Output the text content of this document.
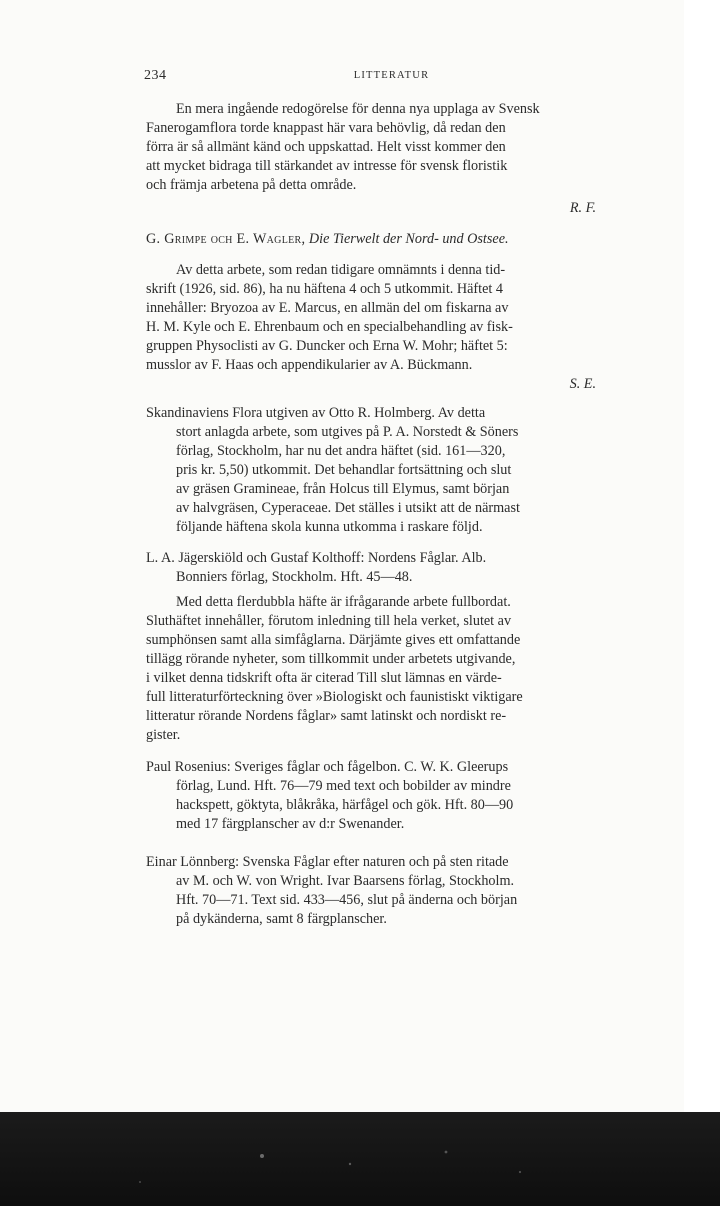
234	LITTERATUR
En mera ingående redogörelse för denna nya upplaga av Svensk
Fanerogamflora torde knappast här vara behövlig, då redan den
förra är så allmänt känd och uppskattad. Helt visst kommer den
att mycket bidraga till stärkandet av intresse för svensk floristik
och främja arbetena på detta område.
R. F.
G. Grimpe och E. Wagler, Die Tierwelt der Nord- und Ostsee.
Av detta arbete, som redan tidigare omnämnts i denna tid-
skrift (1926, sid. 86), ha nu häftena 4 och 5 utkommit. Häftet 4
innehåller: Bryozoa av E. Marcus, en allmän del om fiskarna av
H. M. Kyle och E. Ehrenbaum och en specialbehandling av fisk-
gruppen Physoclisti av G. Duncker och Erna W. Mohr; häftet 5:
musslor av F. Haas och appendikularier av A. Bückmann.
S. E.
Skandinaviens Flora utgiven av Otto R. Holmberg. Av detta
stort anlagda arbete, som utgives på P. A. Norstedt & Söners
förlag, Stockholm, har nu det andra häftet (sid. 161—320,
pris kr. 5,50) utkommit. Det behandlar fortsättning och slut
av gräsen Gramineae, från Holcus till Elymus, samt början
av halvgräsen, Cyperaceae. Det ställes i utsikt att de närmast
följande häftena skola kunna utkomma i raskare följd.
L. A. Jägerskiöld och Gustaf Kolthoff: Nordens Fåglar. Alb.
Bonniers förlag, Stockholm. Hft. 45—48.
Med detta flerdubbla häfte är ifrågarande arbete fullbordat.
Sluthäftet innehåller, förutom inledning till hela verket, slutet av
sumphönsen samt alla simfåglarna. Därjämte gives ett omfattande
tillägg rörande nyheter, som tillkommit under arbetets utgivande,
i vilket denna tidskrift ofta är citerad Till slut lämnas en värde-
full litteraturförteckning över »Biologiskt och faunistiskt viktigare
litteratur rörande Nordens fåglar» samt latinskt och nordiskt re-
gister.
Paul Rosenius: Sveriges fåglar och fågelbon. C. W. K. Gleerups
förlag, Lund. Hft. 76—79 med text och bobilder av mindre
hackspett, göktyta, blåkråka, härfågel och gök. Hft. 80—90
med 17 färgplanscher av d:r Swenander.
Einar Lönnberg: Svenska Fåglar efter naturen och på sten ritade
av M. och W. von Wright. Ivar Baarsens förlag, Stockholm.
Hft. 70—71. Text sid. 433—456, slut på änderna och början
på dykänderna, samt 8 färgplanscher.
